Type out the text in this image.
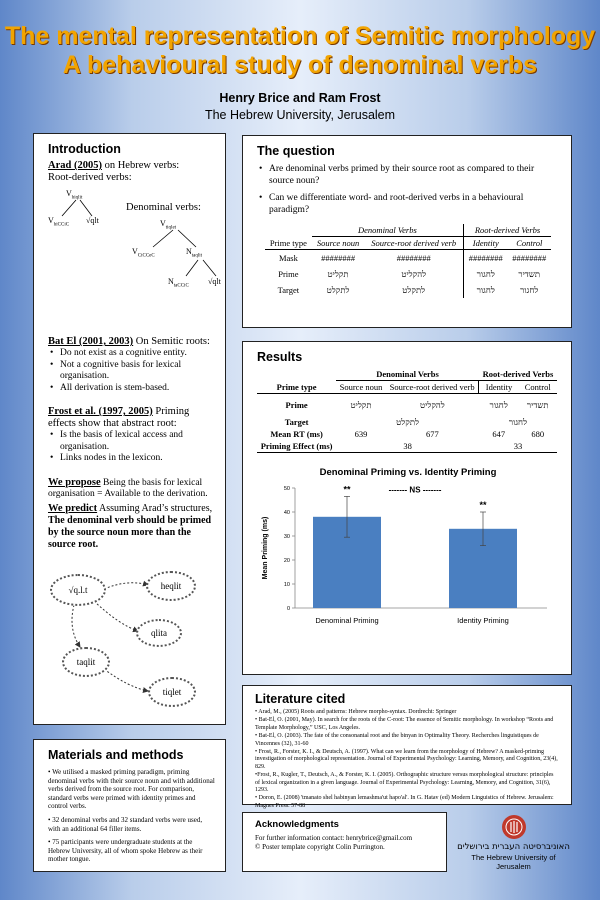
The mental representation of Semitic morphology
A behavioural study of denominal verbs
Henry Brice and Ram Frost
The Hebrew University, Jerusalem
Introduction
Arad (2005) on Hebrew verbs:
Root-derived verbs:
$V_{hiqlit}$
$V_{hiCCiC}$
√qlt
Denominal verbs:
$V_{tiqlet}$
$V_{CiCCeC}$
$N_{taqlit}$
$N_{taCCiC}$
√qlt
Bat El (2001, 2003) On Semitic roots:
• Do not exist as a cognitive entity.
• Not a cognitive basis for lexical organisation.
• All derivation is stem-based.
Frost et al. (1997, 2005) Priming effects show that abstract root:
• Is the basis of lexical access and organisation.
• Links nodes in the lexicon.
We propose Being the basis for lexical organisation = Available to the derivation.
We predict Assuming Arad’s structures, The denominal verb should be primed by the source noun more than the source root.
√q.l.t	heqlit
qlita
taqlit
tiqlet
The question
• Are denominal verbs primed by their source root as compared to their source noun?
• Can we differentiate word- and root-derived verbs in a behavioural paradigm?
	Denominal Verbs		Root-derived Verbs	
Prime type	Source noun	Source-root derived verb	Identity	Control
Mask	########	########	########	########
Prime	תקליט	להקליט	לחגור	תשדיר
Target	לתקלט	לתקלט	לחגור	לחגור
Results
	Denominal Verbs		Root-derived Verbs	
Prime type	Source noun	Source-root derived verb	Identity	Control
Prime	תקליט	להקליט	לחגור	תשדיר
Target	לתקלט		לחגור	
Mean RT (ms)	639	677	647	680
Priming Effect (ms)	38		33	
Denominal Priming vs. Identity Priming
0
10
20
30
40
50
Mean Priming (ms)
Denominal Priming
**
Identity Priming
**
------- NS -------
Literature cited

• Arad, M., (2005) Roots and patterns: Hebrew morpho-syntax. Dordrecht: Springer

• Bat-El, O. (2001, May). In search for the roots of the C-root: The essence of Semitic morphology. In workshop “Roots and Template Morphology,” USC, Los Angeles.

• Bat-El, O. (2003). The fate of the consonantal root and the binyan in Optimality Theory. Recherches linguistiques de Vincennes (32), 31-60

• Frost, R., Forster, K. I., & Deutsch, A. (1997). What can we learn from the morphology of Hebrew? A masked-priming investigation of morphological representation. Journal of Experimental Psychology: Learning, Memory, and Cognition, 23(4), 829.

•Frost, R., Kugler, T., Deutsch, A., & Forster, K. I. (2005). Orthographic structure versus morphological structure: principles of lexical organization in a given language. Journal of Experimental Psychology: Learning, Memory, and Cognition, 31(6), 1293.

• Doron, E. (2008) 'tmanato shel habinyan lemashma'ut hapo'al'. In G. Hatav (ed) Modern Linguistics of Hebrew. Jerusalem: Magnes Press. 57-88

Materials and methods

• We utilised a masked priming paradigm, priming denominal verbs with their source noun and with additional verbs derived from the source root. For comparison, standard verbs were primed with identity primes and control verbs.

• 32 denominal verbs and 32 standard verbs were used, with an additional 64 filler items.

• 75 participants were undergraduate students at the Hebrew University, all of whom spoke Hebrew as their mother tongue.

Acknowledgments
For further information contact: henrybrice@gmail.com
© Poster template copyright Colin Purrington.	האוניברסיטה העברית בירושלים
The Hebrew University of Jerusalem
